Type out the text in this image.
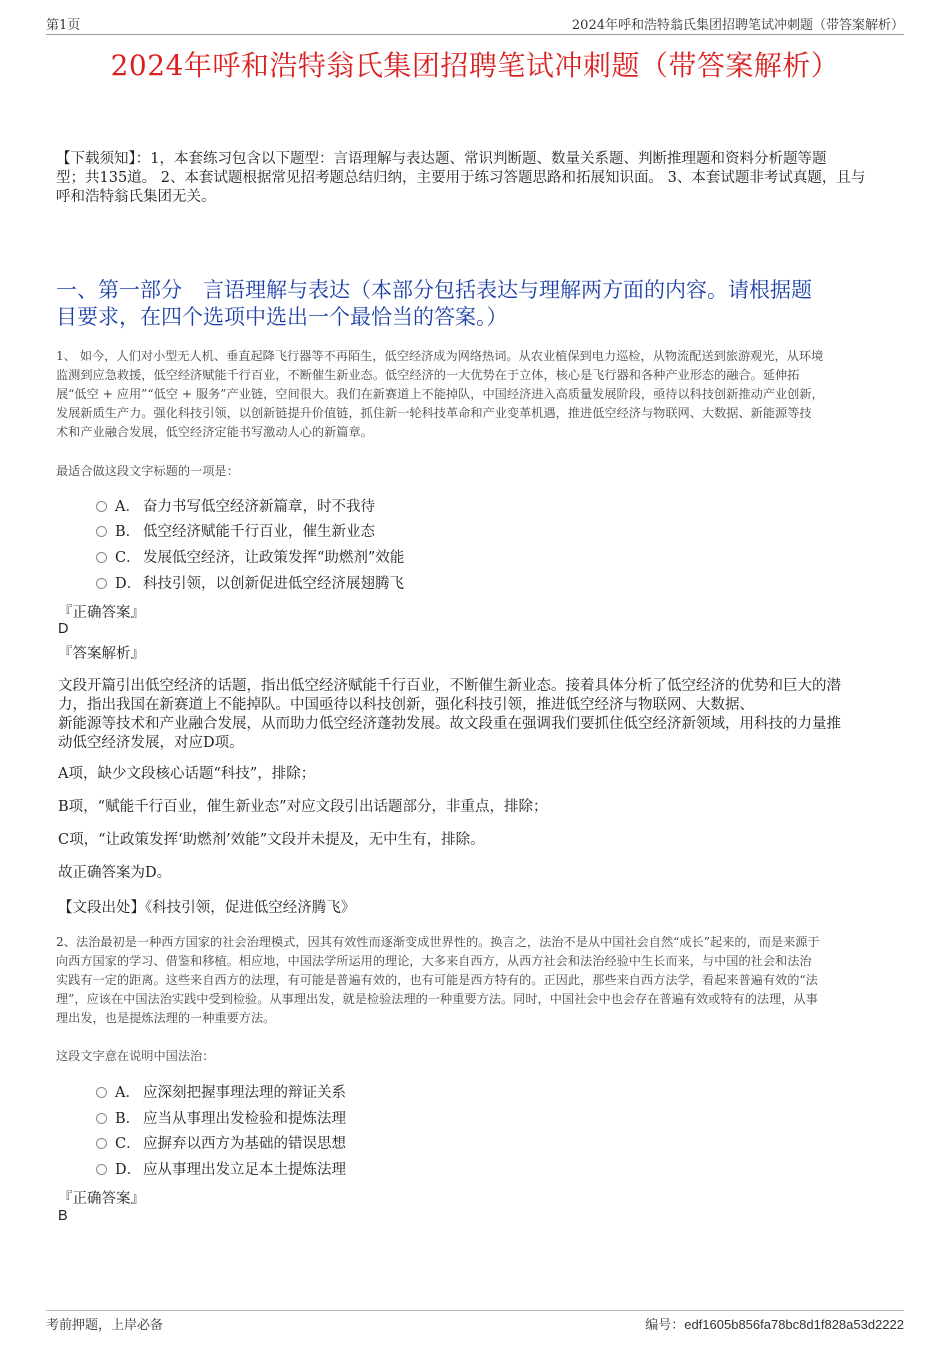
第1页	2024年呼和浩特翁氏集团招聘笔试冲刺题（带答案解析）
2024年呼和浩特翁氏集团招聘笔试冲刺题（带答案解析）
【下载须知】：1，本套练习包含以下题型：言语理解与表达题、常识判断题、数量关系题、判断推理题和资料分析题等题
型；共135道。 2、本套试题根据常见招考题总结归纳，主要用于练习答题思路和拓展知识面。 3、本套试题非考试真题，且与
呼和浩特翁氏集团无关。
一、第一部分　言语理解与表达（本部分包括表达与理解两方面的内容。请根据题
目要求，在四个选项中选出一个最恰当的答案。）
1、 如今，人们对小型无人机、垂直起降飞行器等不再陌生，低空经济成为网络热词。从农业植保到电力巡检，从物流配送到旅游观光，从环境
监测到应急救援，低空经济赋能千行百业，不断催生新业态。低空经济的一大优势在于立体，核心是飞行器和各种产业形态的融合。延伸拓
展“低空 + 应用”“低空 + 服务”产业链，空间很大。我们在新赛道上不能掉队，中国经济进入高质量发展阶段，亟待以科技创新推动产业创新，
发展新质生产力。强化科技引领，以创新链提升价值链，抓住新一轮科技革命和产业变革机遇，推进低空经济与物联网、大数据、新能源等技
术和产业融合发展，低空经济定能书写激动人心的新篇章。
最适合做这段文字标题的一项是：
A． 奋力书写低空经济新篇章，时不我待
B． 低空经济赋能千行百业，催生新业态
C． 发展低空经济，让政策发挥“助燃剂”效能
D． 科技引领，以创新促进低空经济展翅腾飞
『正确答案』
D
『答案解析』
文段开篇引出低空经济的话题，指出低空经济赋能千行百业，不断催生新业态。接着具体分析了低空经济的优势和巨大的潜
力，指出我国在新赛道上不能掉队。中国亟待以科技创新，强化科技引领，推进低空经济与物联网、大数据、
新能源等技术和产业融合发展，从而助力低空经济蓬勃发展。故文段重在强调我们要抓住低空经济新领域，用科技的力量推
动低空经济发展，对应D项。
A项，缺少文段核心话题“科技”，排除；
B项，“赋能千行百业，催生新业态”对应文段引出话题部分，非重点，排除；
C项，“让政策发挥‘助燃剂’效能”文段并未提及，无中生有，排除。
故正确答案为D。
【文段出处】《科技引领，促进低空经济腾飞》
2、法治最初是一种西方国家的社会治理模式，因其有效性而逐渐变成世界性的。换言之，法治不是从中国社会自然“成长”起来的，而是来源于
向西方国家的学习、借鉴和移植。相应地，中国法学所运用的理论，大多来自西方，从西方社会和法治经验中生长而来，与中国的社会和法治
实践有一定的距离。这些来自西方的法理，有可能是普遍有效的，也有可能是西方特有的。正因此，那些来自西方法学，看起来普遍有效的“法
理”，应该在中国法治实践中受到检验。从事理出发，就是检验法理的一种重要方法。同时，中国社会中也会存在普遍有效或特有的法理，从事
理出发，也是提炼法理的一种重要方法。
这段文字意在说明中国法治：
A． 应深刻把握事理法理的辩证关系
B． 应当从事理出发检验和提炼法理
C． 应摒弃以西方为基础的错误思想
D． 应从事理出发立足本土提炼法理
『正确答案』
B
考前押题，上岸必备	编号：edf1605b856fa78bc8d1f828a53d2222
